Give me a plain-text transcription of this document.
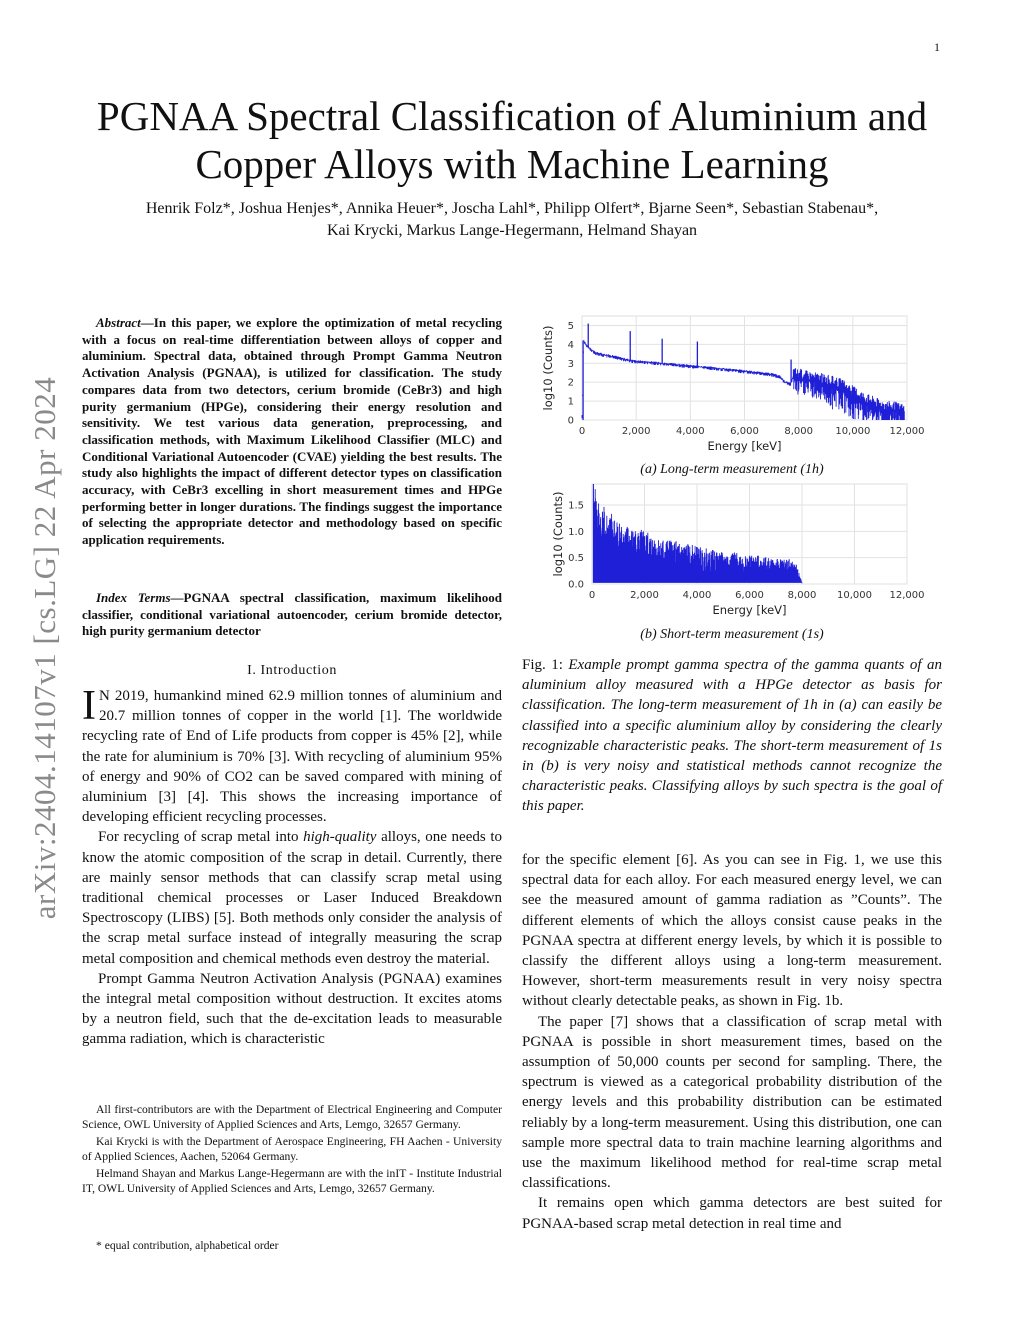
1
arXiv:2404.14107v1 [cs.LG] 22 Apr 2024
PGNAA Spectral Classification of Aluminium and Copper Alloys with Machine Learning
Henrik Folz*, Joshua Henjes*, Annika Heuer*, Joscha Lahl*, Philipp Olfert*, Bjarne Seen*, Sebastian Stabenau*,
Kai Krycki, Markus Lange-Hegermann, Helmand Shayan

Abstract—In this paper, we explore the optimization of metal recycling with a focus on real-time differentiation between alloys of copper and aluminium. Spectral data, obtained through Prompt Gamma Neutron Activation Analysis (PGNAA), is utilized for classification. The study compares data from two detectors, cerium bromide (CeBr3) and high purity germanium (HPGe), considering their energy resolution and sensitivity. We test various data generation, preprocessing, and classification methods, with Maximum Likelihood Classifier (MLC) and Conditional Variational Autoencoder (CVAE) yielding the best results. The study also highlights the impact of different detector types on classification accuracy, with CeBr3 excelling in short measurement times and HPGe performing better in longer durations. The findings suggest the importance of selecting the appropriate detector and methodology based on specific application requirements.

Index Terms—PGNAA spectral classification, maximum likelihood classifier, conditional variational autoencoder, cerium bromide detector, high purity germanium detector

I. Introduction

I N 2019, humankind mined 62.9 million tonnes of aluminium and 20.7 million tonnes of copper in the world [1]. The worldwide recycling rate of End of Life products from copper is 45% [2], while the rate for aluminium is 70% [3]. With recycling of aluminium 95% of energy and 90% of CO2 can be saved compared with mining of aluminium [3] [4]. This shows the increasing importance of developing efficient recycling processes.

For recycling of scrap metal into high-quality alloys, one needs to know the atomic composition of the scrap in detail. Currently, there are mainly sensor methods that can classify scrap metal using traditional chemical processes or Laser Induced Breakdown Spectroscopy (LIBS) [5]. Both methods only consider the analysis of the scrap metal surface instead of integrally measuring the scrap metal composition and chemical methods even destroy the material.

Prompt Gamma Neutron Activation Analysis (PGNAA) examines the integral metal composition without destruction. It excites atoms by a neutron field, such that the de-excitation leads to measurable gamma radiation, which is characteristic

All first-contributors are with the Department of Electrical Engineering and Computer Science, OWL University of Applied Sciences and Arts, Lemgo, 32657 Germany.

Kai Krycki is with the Department of Aerospace Engineering, FH Aachen - University of Applied Sciences, Aachen, 52064 Germany.

Helmand Shayan and Markus Lange-Hegermann are with the inIT - Institute Industrial IT, OWL University of Applied Sciences and Arts, Lemgo, 32657 Germany.

* equal contribution, alphabetical order
0	2,000	4,000	6,000	8,000 10,000 12,000
0
1
2
3
4
5
Energy [keV]
log10 (Counts)
(a) Long-term measurement (1h)
0	2,000 4,000 6,000 8,000 10,000 12,000
0.0
0.5
1.0
1.5
Energy [keV]
log10 (Counts)
(b) Short-term measurement (1s)
Fig. 1: Example prompt gamma spectra of the gamma quants of an aluminium alloy measured with a HPGe detector as basis for classification. The long-term measurement of 1h in (a) can easily be classified into a specific aluminium alloy by considering the clearly recognizable characteristic peaks. The short-term measurement of 1s in (b) is very noisy and statistical methods cannot recognize the characteristic peaks. Classifying alloys by such spectra is the goal of this paper.

for the specific element [6]. As you can see in Fig. 1, we use this spectral data for each alloy. For each measured energy level, we can see the measured amount of gamma radiation as ”Counts”. The different elements of which the alloys consist cause peaks in the PGNAA spectra at different energy levels, by which it is possible to classify the different alloys using a long-term measurement. However, short-term measurements result in very noisy spectra without clearly detectable peaks, as shown in Fig. 1b.

The paper [7] shows that a classification of scrap metal with PGNAA is possible in short measurement times, based on the assumption of 50,000 counts per second for sampling. There, the spectrum is viewed as a categorical probability distribution of the energy levels and this probability distribution can be estimated reliably by a long-term measurement. Using this distribution, one can sample more spectral data to train machine learning algorithms and use the maximum likelihood method for real-time scrap metal classifications.

It remains open which gamma detectors are best suited for PGNAA-based scrap metal detection in real time and
